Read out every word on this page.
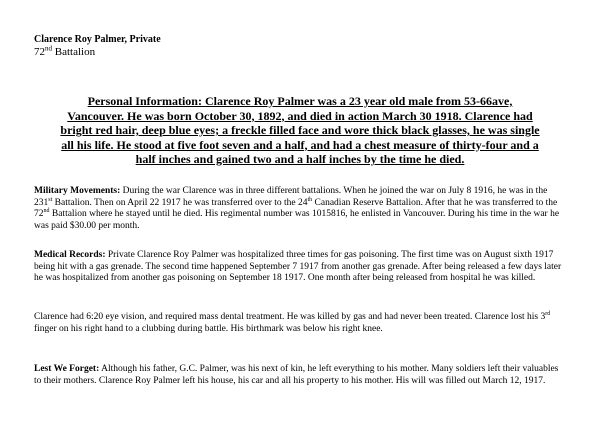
Clarence Roy Palmer, Private
72nd Battalion
Personal Information: Clarence Roy Palmer was a 23 year old male from 53-66ave, Vancouver. He was born October 30, 1892, and died in action March 30 1918. Clarence had bright red hair, deep blue eyes; a freckle filled face and wore thick black glasses, he was single all his life. He stood at five foot seven and a half, and had a chest measure of thirty-four and a half inches and gained two and a half inches by the time he died.
Military Movements: During the war Clarence was in three different battalions. When he joined the war on July 8 1916, he was in the 231st Battalion. Then on April 22 1917 he was transferred over to the 24th Canadian Reserve Battalion. After that he was transferred to the 72nd Battalion where he stayed until he died. His regimental number was 1015816, he enlisted in Vancouver. During his time in the war he was paid $30.00 per month.
Medical Records: Private Clarence Roy Palmer was hospitalized three times for gas poisoning. The first time was on August sixth 1917 being hit with a gas grenade. The second time happened September 7 1917 from another gas grenade. After being released a few days later he was hospitalized from another gas poisoning on September 18 1917. One month after being released from hospital he was killed.
Clarence had 6:20 eye vision, and required mass dental treatment. He was killed by gas and had never been treated. Clarence lost his 3rd finger on his right hand to a clubbing during battle. His birthmark was below his right knee.
Lest We Forget: Although his father, G.C. Palmer, was his next of kin, he left everything to his mother. Many soldiers left their valuables to their mothers. Clarence Roy Palmer left his house, his car and all his property to his mother. His will was filled out March 12, 1917.
